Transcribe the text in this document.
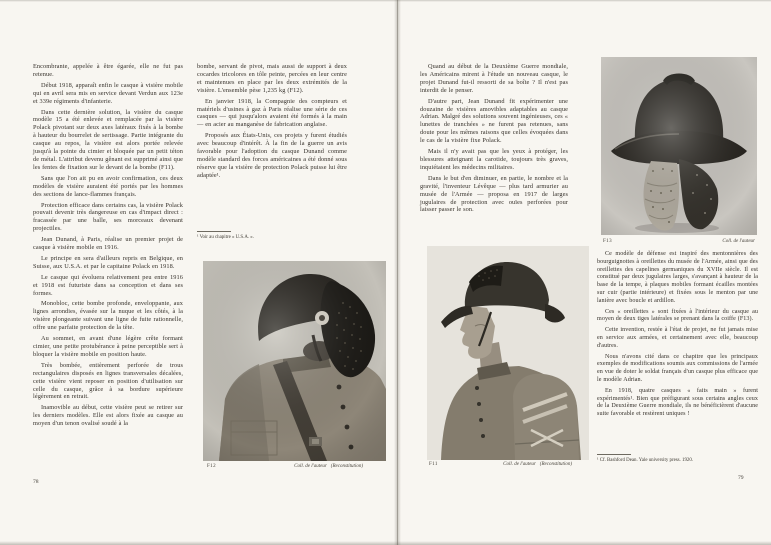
Encombrante, appelée à être égarée, elle ne fut pas retenue.

Début 1918, apparaît enfin le casque à visière mobile qui en avril sera mis en service devant Verdun aux 123e et 339e régiments d'infanterie.

Dans cette dernière solution, la visière du casque modèle 15 a été enlevée et remplacée par la visière Polack pivotant sur deux axes latéraux fixés à la bombe à hauteur du bourrelet de sertissage. Partie intégrante du casque au repos, la visière est alors portée relevée jusqu'à la pointe du cimier et bloquée par un petit téton de métal. L'attribut devenu gênant est supprimé ainsi que les fentes de fixation sur le devant de la bombe (F11).

Sans que l'on ait pu en avoir confirmation, ces deux modèles de visière auraient été portés par les hommes des sections de lance-flammes français.

Protection efficace dans certains cas, la visière Polack pouvait devenir très dangereuse en cas d'impact direct : fracassée par une balle, ses morceaux devenant projectiles.

Jean Dunand, à Paris, réalise un premier projet de casque à visière mobile en 1916.

Le principe en sera d'ailleurs repris en Belgique, en Suisse, aux U.S.A. et par le capitaine Polack en 1918.

Le casque qui évoluera relativement peu entre 1916 et 1918 est futuriste dans sa conception et dans ses formes.

Monobloc, cette bombe profonde, enveloppante, aux lignes arrondies, évasée sur la nuque et les côtés, à la visière plongeante suivant une ligne de fuite rationnelle, offre une parfaite protection de la tête.

Au sommet, en avant d'une légère crête formant cimier, une petite protubérance à peine perceptible sert à bloquer la visière mobile en position haute.

Très bombée, entièrement perforée de trous rectangulaires disposés en lignes transversales décalées, cette visière vient reposer en position d'utilisation sur celle du casque, grâce à sa bordure supérieure légèrement en retrait.

Inamovible au début, cette visière peut se retirer sur les derniers modèles. Elle est alors fixée au casque au moyen d'un tenon ovalisé soudé à la

bombe, servant de pivot, mais aussi de support à deux cocardes tricolores en tôle peinte, percées en leur centre et maintenues en place par les deux extrémités de la visière. L'ensemble pèse 1,235 kg (F12).

En janvier 1918, la Compagnie des compteurs et matériels d'usines à gaz à Paris réalise une série de ces casques — qui jusqu'alors avaient été formés à la main — en acier au manganèse de fabrication anglaise.

Proposés aux États-Unis, ces projets y furent étudiés avec beaucoup d'intérêt. À la fin de la guerre un avis favorable pour l'adoption du casque Dunand comme modèle standard des forces américaines a été donné sous réserve que la visière de protection Polack puisse lui être adaptée¹.

¹ Voir au chapitre « U.S.A. ».
F12	Coll. de l'auteur (Reconstitution)
78

Quand au début de la Deuxième Guerre mondiale, les Américains mirent à l'étude un nouveau casque, le projet Dunand fut-il ressorti de sa boîte ? Il n'est pas interdit de le penser.

D'autre part, Jean Dunand fit expérimenter une douzaine de visières amovibles adaptables au casque Adrian. Malgré des solutions souvent ingénieuses, ces « lunettes de tranchées » ne furent pas retenues, sans doute pour les mêmes raisons que celles évoquées dans le cas de la visière fixe Polack.

Mais il n'y avait pas que les yeux à protéger, les blessures atteignant la carotide, toujours très graves, inquiétaient les médecins militaires.

Dans le but d'en diminuer, en partie, le nombre et la gravité, l'inventeur Lévêque — plus tard armurier au musée de l'Armée — proposa en 1917 de larges jugulaires de protection avec ouïes perforées pour laisser passer le son.

F11	Coll. de l'auteur (Reconstitution)
F13	Coll. de l'auteur

Ce modèle de défense est inspiré des mentonnières des bourguignottes à oreillettes du musée de l'Armée, ainsi que des oreillettes des capelines germaniques du XVIIe siècle. Il est constitué par deux jugulaires larges, s'avançant à hauteur de la base de la tempe, à plaques mobiles formant écailles montées sur cuir (partie intérieure) et fixées sous le menton par une lanière avec boucle et ardillon.

Ces « oreillettes » sont fixées à l'intérieur du casque au moyen de deux tiges latérales se prenant dans la coiffe (F13).

Cette invention, restée à l'état de projet, ne fut jamais mise en service aux armées, et certainement avec elle, beaucoup d'autres.

Nous n'avons cité dans ce chapitre que les principaux exemples de modifications soumis aux commissions de l'armée en vue de doter le soldat français d'un casque plus efficace que le modèle Adrian.

En 1918, quatre casques « faits main » furent expérimentés¹. Bien que préfigurant sous certains angles ceux de la Deuxième Guerre mondiale, ils ne bénéficièrent d'aucune suite favorable et restèrent uniques !

¹ Cf. Bashford Dean. Yale university press. 1920.
79
